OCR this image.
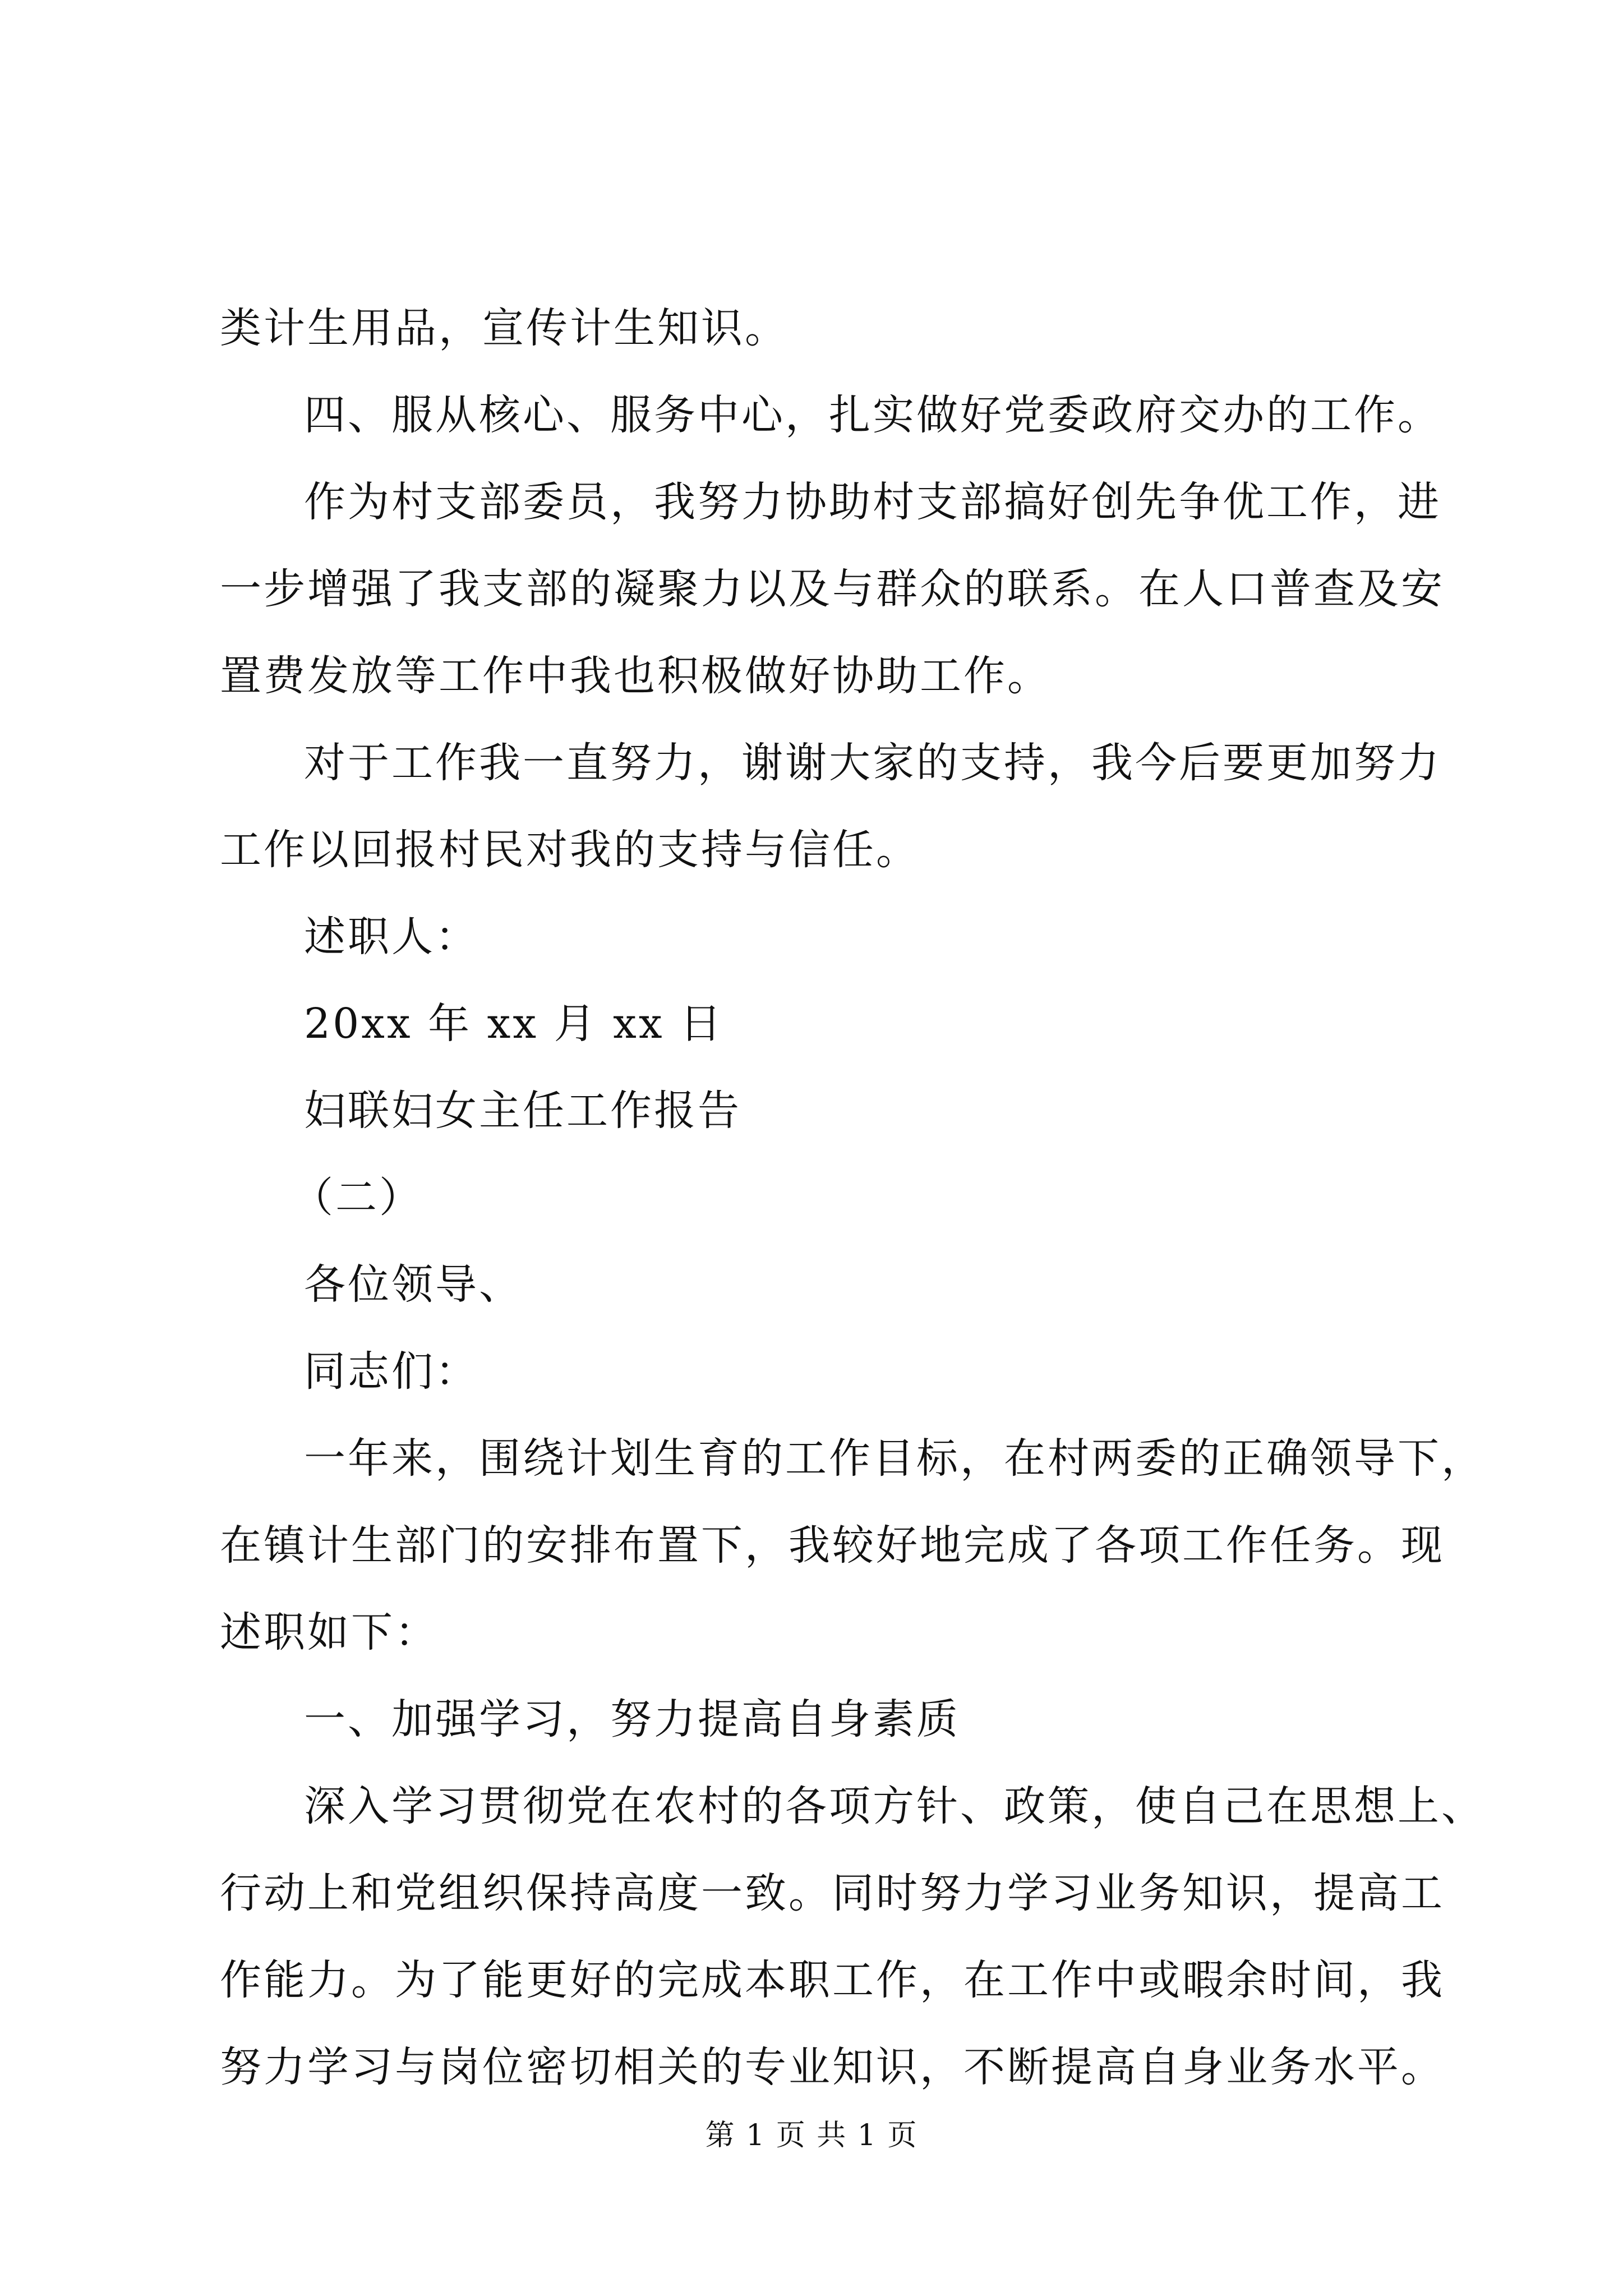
类计生用品，宣传计生知识。
四、服从核心、服务中心，扎实做好党委政府交办的工作。
作为村支部委员，我努力协助村支部搞好创先争优工作，进
一步增强了我支部的凝聚力以及与群众的联系。在人口普查及安
置费发放等工作中我也积极做好协助工作。
对于工作我一直努力，谢谢大家的支持，我今后要更加努力
工作以回报村民对我的支持与信任。
述职人：
20xx 年 xx 月 xx 日
妇联妇女主任工作报告
（二）
各位领导、
同志们：
一年来，围绕计划生育的工作目标，在村两委的正确领导下，
在镇计生部门的安排布置下，我较好地完成了各项工作任务。现
述职如下：
一、加强学习，努力提高自身素质
深入学习贯彻党在农村的各项方针、政策，使自己在思想上、
行动上和党组织保持高度一致。同时努力学习业务知识，提高工
作能力。为了能更好的完成本职工作，在工作中或暇余时间，我
努力学习与岗位密切相关的专业知识，不断提高自身业务水平。
第 1 页 共 1 页
